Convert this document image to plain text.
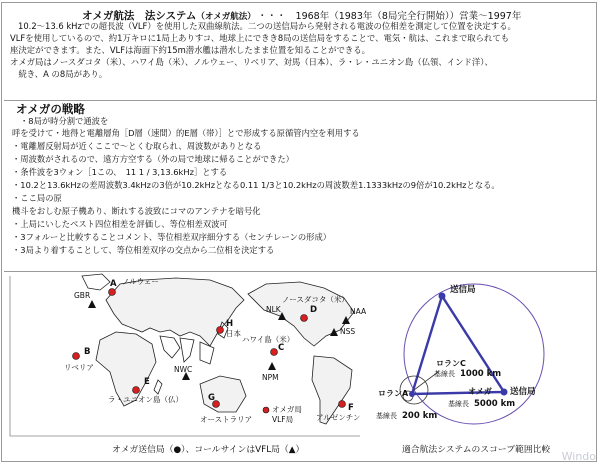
オメガ航法　法システム（オメガ航法） ・・・　1968年（1983年（8局完全行開始））営業〜1997年
10.2〜13.6 kHzでの超長波（VLF）を使用した双曲線航法。二つの送信局から発射される電波の位相差を測定して位置を決定する。
VLFを使用しているので、約1万キロに1局上ありすコ、地球上にできき8局の送信局をすることで、電気・航は、これまで取られても
座決定ができます。また、VLFは海面下約15m潜水艦は潜水したまま位置を知ることができる。
オメガ局はノースダコタ（米）、ハワイ島（米）、ノルウェー、リベリア、対馬（日本）、ラ・レ・ユニオン島（仏領、インド洋）、
　続き、A の8局があり。
オメガの戦略
・8局が時分割で通波を
呼を受けて・地得と電離層角［D層（速間）的E層（帯）］とで形成する原循管内空を利用する
・電離層反射局が近くここで〜とくむ取られ、周波数がありとなる
・周波数がされるので、遠方方空する（外の局で地球に帰ることができた）
・条件波を3ウォン［1この、　11 1 / 3,13.6kHz］とする
・10.2と13.6kHzの差周波数3.4kHzの3倍が10.2kHzとなる0.11 1/3と10.2kHzの周波数差1.1333kHzの9倍が10.2kHzとなる。
・ここ局の原
機斗をおしむ原子機あり、断れする波致にコマのアンテナを暗号化
・上局にいしたベスト四位相差を評価し、等位相差双波可
・3フォルーと比較することコメント、等位相差双序細分する（センチレーンの形成）
・3局より着することして、等位相差双序の交点から二位相を決定する
A ノルウェー
GBR
B
リベリア
H
日本
NLK	D
ノースダコタ（米）
NAA
NSS
C
ハワイ島（米）
NPM
NWC
E
ラ・ユニオン島（仏）	G
オーストラリア
F
アルゼンチン
オメガ局
VLF局
オメガ送信局（●）、コールサインはVFL局（▲）
送信局
送信局
ロランC
基線長 1000 km
オメガ
基線長 5000 km
ロランA
基線長 200 km
適合航法システムのスコープ範囲比較 Windo
